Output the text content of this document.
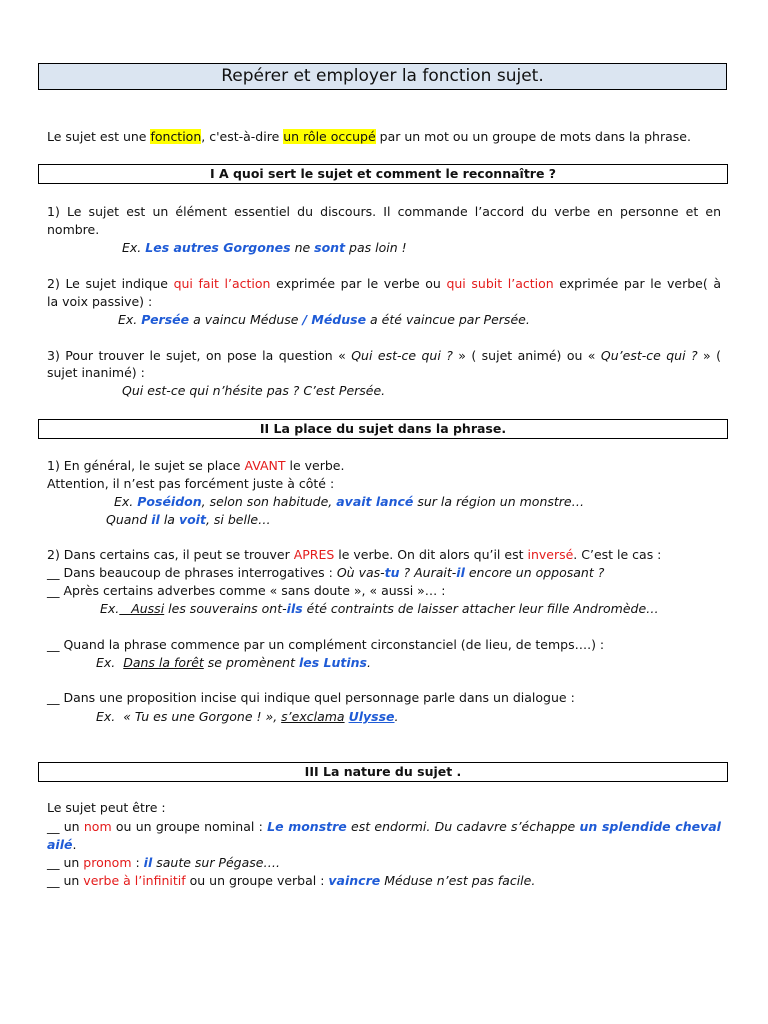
Repérer et employer la fonction sujet.
Le sujet est une fonction, c'est-à-dire un rôle occupé par un mot ou un groupe de mots dans la phrase.
I A quoi sert le sujet et comment le reconnaître ?
1) Le sujet est un élément essentiel du discours. Il commande l’accord du verbe en personne et en
nombre.
Ex. Les autres Gorgones ne sont pas loin !
2) Le sujet indique qui fait l’action exprimée par le verbe ou qui subit l’action exprimée par le verbe( à
la voix passive) :
Ex. Persée a vaincu Méduse / Méduse a été vaincue par Persée.
3) Pour trouver le sujet, on pose la question « Qui est-ce qui ? » ( sujet animé) ou « Qu’est-ce qui ? » (
sujet inanimé) :
Qui est-ce qui n’hésite pas ? C’est Persée.
II La place du sujet dans la phrase.
1) En général, le sujet se place AVANT le verbe.
Attention, il n’est pas forcément juste à côté :
Ex. Poséidon, selon son habitude, avait lancé sur la région un monstre…
Quand il la voit, si belle…
2) Dans certains cas, il peut se trouver APRES le verbe. On dit alors qu’il est inversé. C’est le cas :
__ Dans beaucoup de phrases interrogatives : Où vas-tu ? Aurait-il encore un opposant ?
__ Après certains adverbes comme « sans doute », « aussi »… :
Ex.   Aussi les souverains ont-ils été contraints de laisser attacher leur fille Andromède…
__ Quand la phrase commence par un complément circonstanciel (de lieu, de temps….) :
Ex.  Dans la forêt se promènent les Lutins.
__ Dans une proposition incise qui indique quel personnage parle dans un dialogue :
Ex.  « Tu es une Gorgone ! », s’exclama Ulysse.
III La nature du sujet .
Le sujet peut être :
__ un nom ou un groupe nominal : Le monstre est endormi. Du cadavre s’échappe un splendide cheval
ailé.
__ un pronom : il saute sur Pégase….
__ un verbe à l’infinitif ou un groupe verbal : vaincre Méduse n’est pas facile.
